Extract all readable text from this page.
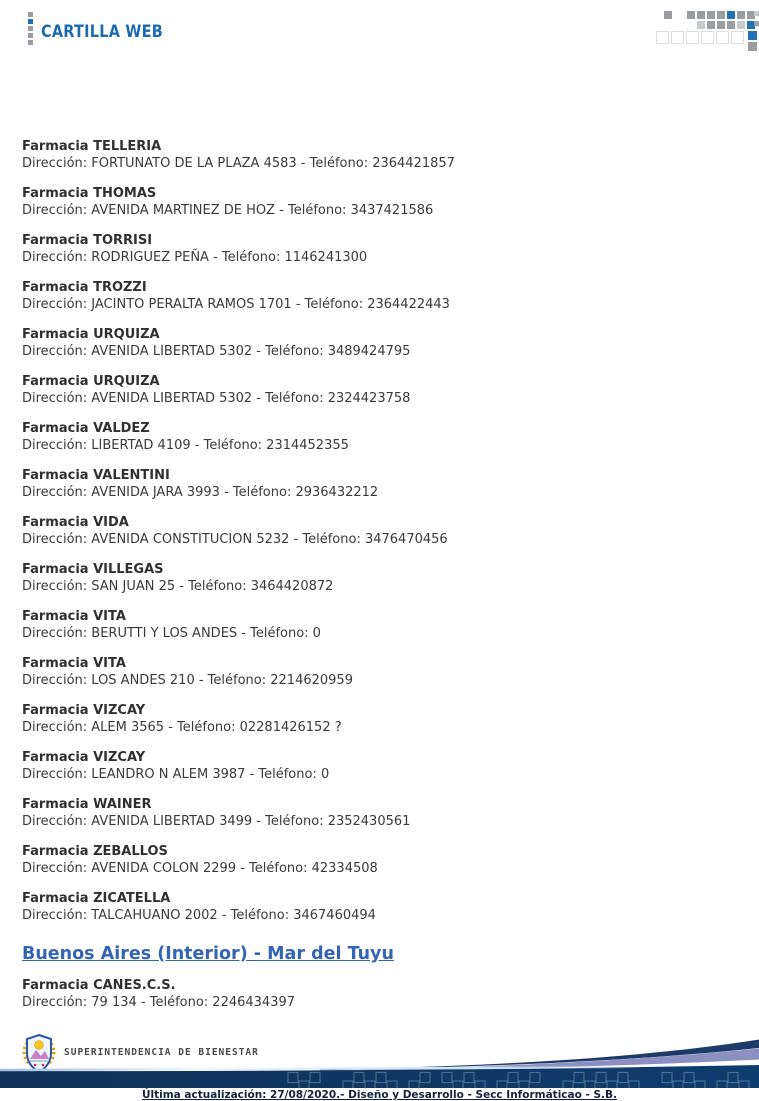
CARTILLA WEB
Farmacia TELLERIA
Dirección: FORTUNATO DE LA PLAZA 4583 - Teléfono: 2364421857
Farmacia THOMAS
Dirección: AVENIDA MARTINEZ DE HOZ - Teléfono: 3437421586
Farmacia TORRISI
Dirección: RODRIGUEZ PEÑA - Teléfono: 1146241300
Farmacia TROZZI
Dirección: JACINTO PERALTA RAMOS 1701 - Teléfono: 2364422443
Farmacia URQUIZA
Dirección: AVENIDA LIBERTAD 5302 - Teléfono: 3489424795
Farmacia URQUIZA
Dirección: AVENIDA LIBERTAD 5302 - Teléfono: 2324423758
Farmacia VALDEZ
Dirección: LIBERTAD 4109 - Teléfono: 2314452355
Farmacia VALENTINI
Dirección: AVENIDA JARA 3993 - Teléfono: 2936432212
Farmacia VIDA
Dirección: AVENIDA CONSTITUCION 5232 - Teléfono: 3476470456
Farmacia VILLEGAS
Dirección: SAN JUAN 25 - Teléfono: 3464420872
Farmacia VITA
Dirección: BERUTTI Y LOS ANDES - Teléfono: 0
Farmacia VITA
Dirección: LOS ANDES 210 - Teléfono: 2214620959
Farmacia VIZCAY
Dirección: ALEM 3565 - Teléfono: 02281426152 ?
Farmacia VIZCAY
Dirección: LEANDRO N ALEM 3987 - Teléfono: 0
Farmacia WAINER
Dirección: AVENIDA LIBERTAD 3499 - Teléfono: 2352430561
Farmacia ZEBALLOS
Dirección: AVENIDA COLON 2299 - Teléfono: 42334508
Farmacia ZICATELLA
Dirección: TALCAHUANO 2002 - Teléfono: 3467460494
Buenos Aires (Interior) - Mar del Tuyu
Farmacia CANES.C.S.
Dirección: 79 134 - Teléfono: 2246434397
SUPERINTENDENCIA DE BIENESTAR
Última actualización: 27/08/2020.- Diseño y Desarrollo - Secc Informáticao - S.B.
